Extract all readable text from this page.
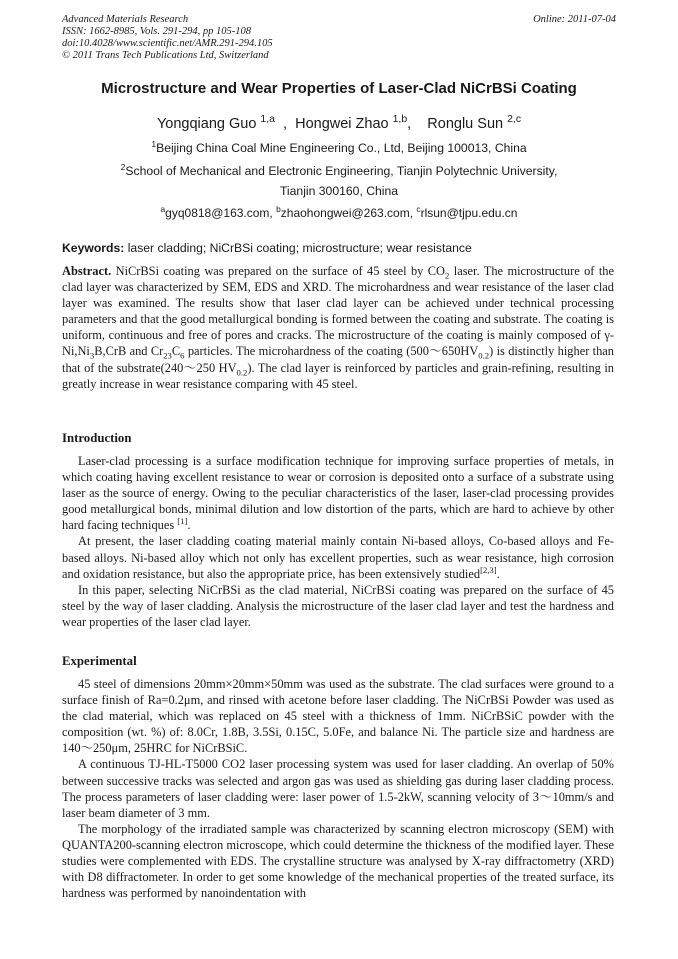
Advanced Materials Research
ISSN: 1662-8985, Vols. 291-294, pp 105-108
doi:10.4028/www.scientific.net/AMR.291-294.105
© 2011 Trans Tech Publications Ltd, Switzerland
Online: 2011-07-04
Microstructure and Wear Properties of Laser-Clad NiCrBSi Coating
Yongqiang Guo $^{1,a}$  ,  Hongwei Zhao $^{1,b}$,    Ronglu Sun $^{2,c}$
$^1$Beijing China Coal Mine Engineering Co., Ltd, Beijing 100013, China
$^2$School of Mechanical and Electronic Engineering, Tianjin Polytechnic University,
Tianjin 300160, China
$^a$gyq0818@163.com, $^b$zhaohongwei@263.com, $^c$rlsun@tjpu.edu.cn
Keywords: laser cladding; NiCrBSi coating; microstructure; wear resistance

Abstract. NiCrBSi coating was prepared on the surface of 45 steel by $CO_2$ laser. The microstructure of the clad layer was characterized by SEM, EDS and XRD. The microhardness and wear resistance of the laser clad layer was examined. The results show that laser clad layer can be achieved under technical processing parameters and that the good metallurgical bonding is formed between the coating and substrate. The coating is uniform, continuous and free of pores and cracks. The microstructure of the coating is mainly composed of $\gamma-Ni,Ni_3B,CrB$ and $Cr_{23}C_6$ particles. The microhardness of the coating $(500\sim 650HV_{0.2})$ is distinctly higher than that of the substrate(240～250 $HV_{0.2}$). The clad layer is reinforced by particles and grain-refining, resulting in greatly increase in wear resistance comparing with 45 steel.

Introduction

Laser-clad processing is a surface modification technique for improving surface properties of metals, in which coating having excellent resistance to wear or corrosion is deposited onto a surface of a substrate using laser as the source of energy. Owing to the peculiar characteristics of the laser, laser-clad processing provides good metallurgical bonds, minimal dilution and low distortion of the parts, which are hard to achieve by other hard facing techniques [1].

At present, the laser cladding coating material mainly contain Ni-based alloys, Co-based alloys and Fe-based alloys. Ni-based alloy which not only has excellent properties, such as wear resistance, high corrosion and oxidation resistance, but also the appropriate price, has been extensively studied[2,3].

In this paper, selecting NiCrBSi as the clad material, NiCrBSi coating was prepared on the surface of 45 steel by the way of laser cladding. Analysis the microstructure of the laser clad layer and test the hardness and wear properties of the laser clad layer.

Experimental

45 steel of dimensions 20mm×20mm×50mm was used as the substrate. The clad surfaces were ground to a surface finish of Ra=0.2μm, and rinsed with acetone before laser cladding. The NiCrBSi Powder was used as the clad material, which was replaced on 45 steel with a thickness of 1mm. NiCrBSiC powder with the composition (wt. %) of: 8.0Cr, 1.8B, 3.5Si, 0.15C, 5.0Fe, and balance Ni. The particle size and hardness are 140～250μm, 25HRC for NiCrBSiC.

A continuous TJ-HL-T5000 CO2 laser processing system was used for laser cladding. An overlap of 50% between successive tracks was selected and argon gas was used as shielding gas during laser cladding process. The process parameters of laser cladding were: laser power of 1.5-2kW, scanning velocity of 3～10mm/s and laser beam diameter of 3 mm.

The morphology of the irradiated sample was characterized by scanning electron microscopy (SEM) with QUANTA200-scanning electron microscope, which could determine the thickness of the modified layer. These studies were complemented with EDS. The crystalline structure was analysed by X-ray diffractometry (XRD) with D8 diffractometer. In order to get some knowledge of the mechanical properties of the treated surface, its hardness was performed by nanoindentation with
